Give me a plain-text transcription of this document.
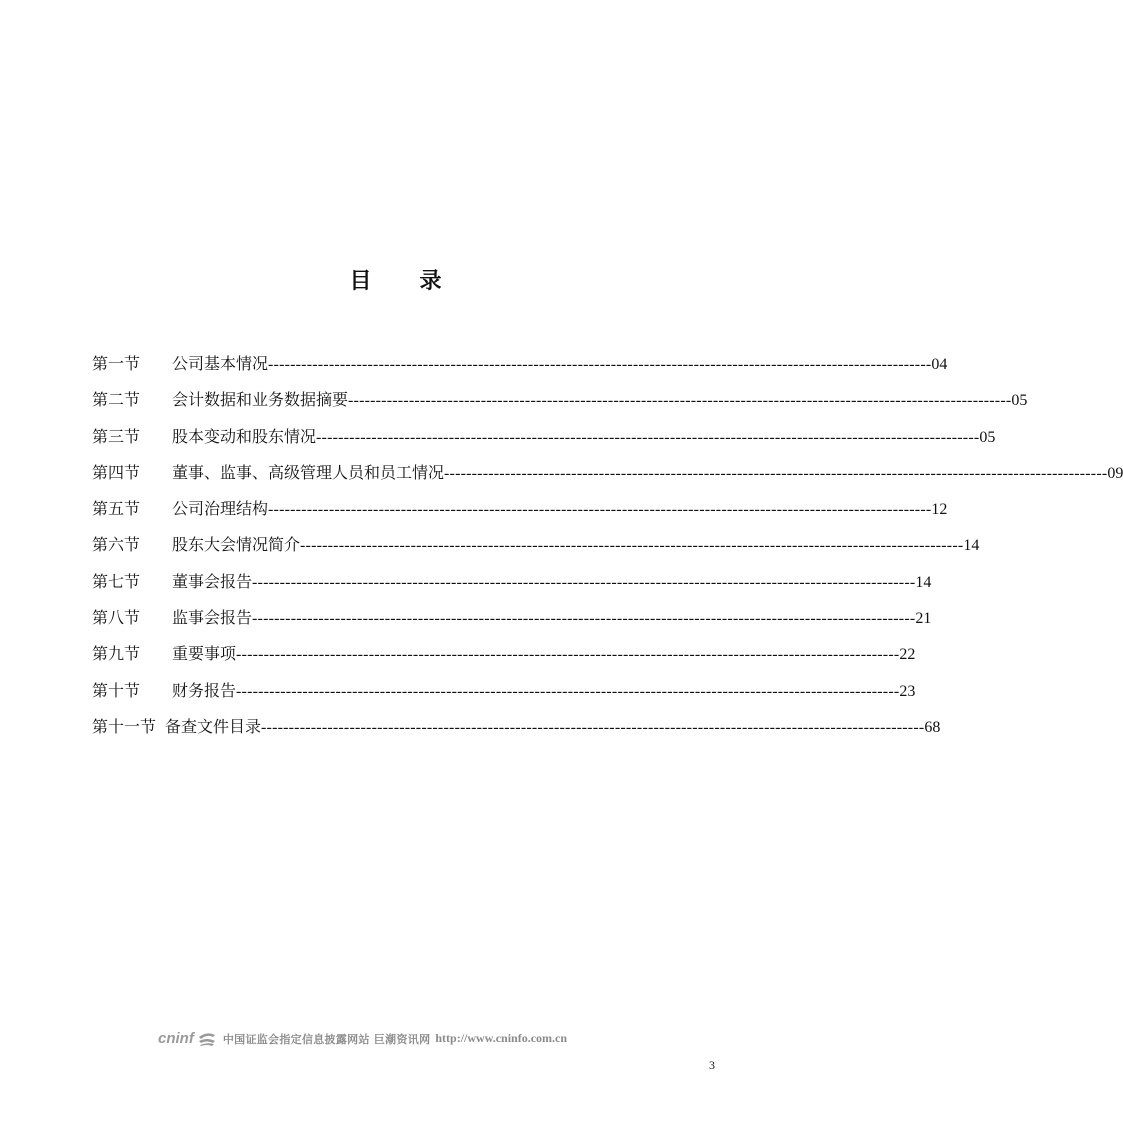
目 录
第一节	公司基本情况 ------------------------------------------------------------------------------------------------------------------------ 04
第二节	会计数据和业务数据摘要 ------------------------------------------------------------------------------------------------------------------------ 05
第三节	股本变动和股东情况 ------------------------------------------------------------------------------------------------------------------------ 05
第四节	董事、监事、高级管理人员和员工情况 ------------------------------------------------------------------------------------------------------------------------ 09
第五节	公司治理结构 ------------------------------------------------------------------------------------------------------------------------ 12
第六节	股东大会情况简介 ------------------------------------------------------------------------------------------------------------------------ 14
第七节	董事会报告 ------------------------------------------------------------------------------------------------------------------------ 14
第八节	监事会报告 ------------------------------------------------------------------------------------------------------------------------ 21
第九节	重要事项 ------------------------------------------------------------------------------------------------------------------------ 22
第十节	财务报告 ------------------------------------------------------------------------------------------------------------------------ 23
第十一节 备查文件目录 ------------------------------------------------------------------------------------------------------------------------ 68
cninf	中国证监会指定信息披露网站 巨潮资讯网 http://www.cninfo.com.cn
3
